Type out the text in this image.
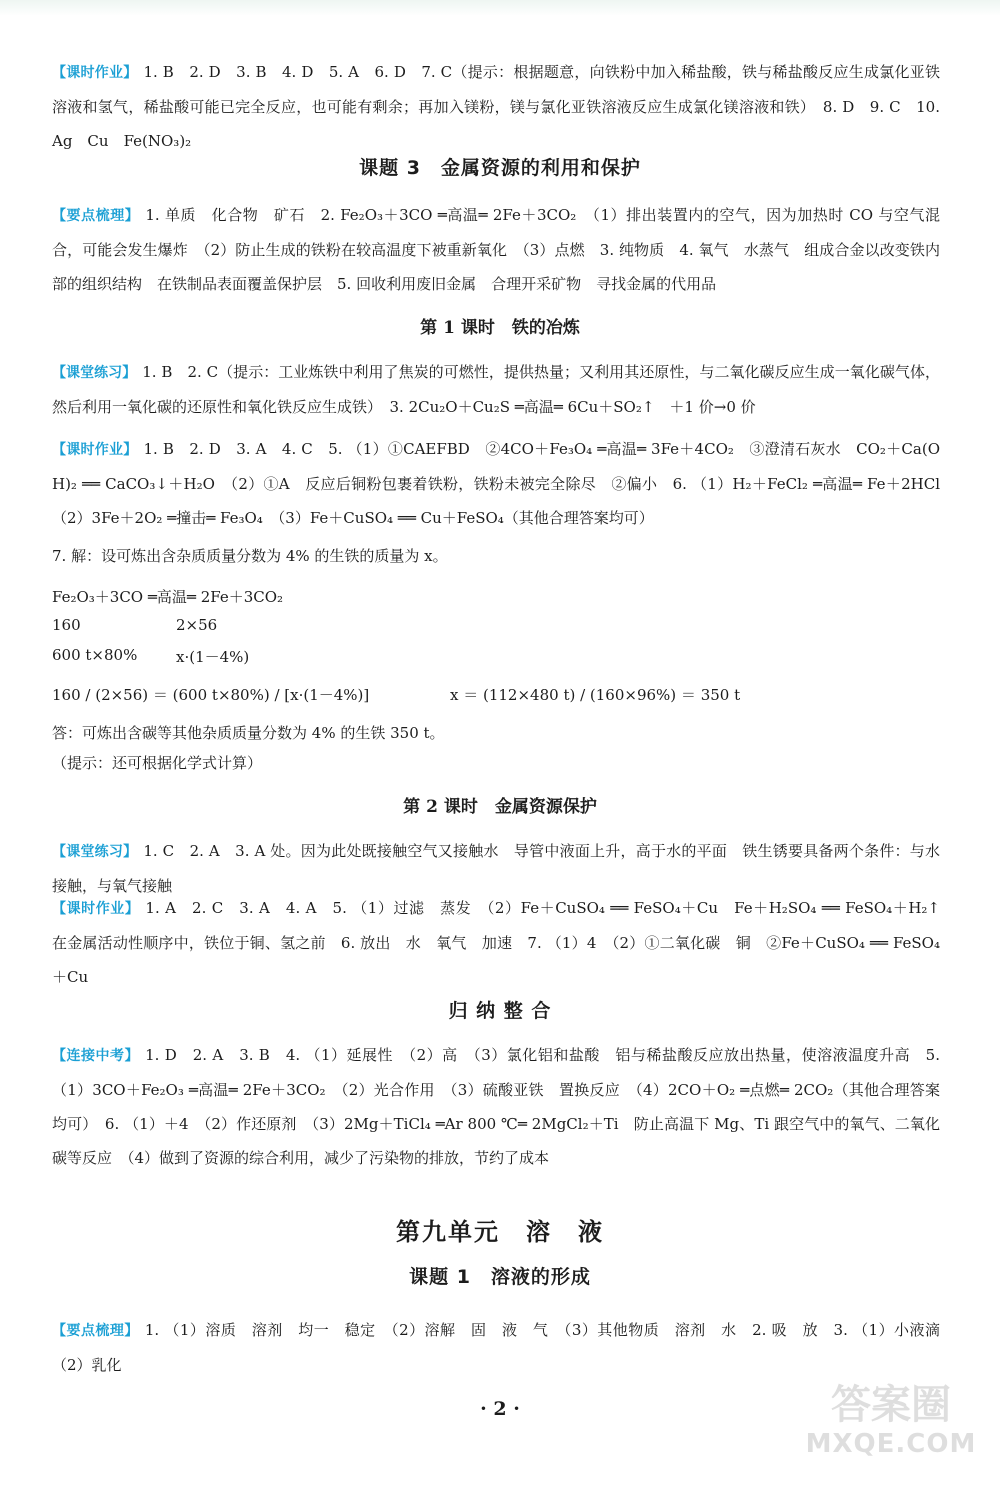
【课时作业】 1. B　2. D　3. B　4. D　5. A　6. D　7. C（提示：根据题意，向铁粉中加入稀盐酸，铁与稀盐酸反应生成氯化亚铁溶液和氢气，稀盐酸可能已完全反应，也可能有剩余；再加入镁粉，镁与氯化亚铁溶液反应生成氯化镁溶液和铁）　8. D　9. C　10. Ag　Cu　Fe(NO₃)₂

课题 3　金属资源的利用和保护

【要点梳理】 1. 单质　化合物　矿石　2. Fe₂O₃＋3CO ═高温═ 2Fe＋3CO₂　（1）排出装置内的空气，因为加热时 CO 与空气混合，可能会发生爆炸　（2）防止生成的铁粉在较高温度下被重新氧化　（3）点燃　3. 纯物质　4. 氧气　水蒸气　组成合金以改变铁内部的组织结构　在铁制品表面覆盖保护层　5. 回收利用废旧金属　合理开采矿物　寻找金属的代用品

第 1 课时　铁的冶炼

【课堂练习】 1. B　2. C（提示：工业炼铁中利用了焦炭的可燃性，提供热量；又利用其还原性，与二氧化碳反应生成一氧化碳气体，然后利用一氧化碳的还原性和氧化铁反应生成铁）　3. 2Cu₂O＋Cu₂S ═高温═ 6Cu＋SO₂↑　＋1 价→0 价

【课时作业】 1. B　2. D　3. A　4. C　5. （1）①CAEFBD　②4CO＋Fe₃O₄ ═高温═ 3Fe＋4CO₂　③澄清石灰水　CO₂＋Ca(OH)₂ ══ CaCO₃↓＋H₂O　（2）①A　反应后铜粉包裹着铁粉，铁粉未被完全除尽　②偏小　6. （1）H₂＋FeCl₂ ═高温═ Fe＋2HCl　（2）3Fe＋2O₂ ═撞击═ Fe₃O₄　（3）Fe＋CuSO₄ ══ Cu＋FeSO₄（其他合理答案均可）

7. 解：设可炼出含杂质质量分数为 4% 的生铁的质量为 x。

Fe₂O₃＋3CO ═高温═ 2Fe＋3CO₂

160	2×56

600 t×80%	x·(1－4%)

160 / (2×56) ＝ (600 t×80%) / [x·(1－4%)]	x ＝ (112×480 t) / (160×96%) ＝ 350 t

答：可炼出含碳等其他杂质质量分数为 4% 的生铁 350 t。

（提示：还可根据化学式计算）

第 2 课时　金属资源保护

【课堂练习】 1. C　2. A　3. A 处。因为此处既接触空气又接触水　导管中液面上升，高于水的平面　铁生锈要具备两个条件：与水接触，与氧气接触

【课时作业】 1. A　2. C　3. A　4. A　5. （1）过滤　蒸发　（2）Fe＋CuSO₄ ══ FeSO₄＋Cu　Fe＋H₂SO₄ ══ FeSO₄＋H₂↑　在金属活动性顺序中，铁位于铜、氢之前　6. 放出　水　氧气　加速　7. （1）4　（2）①二氧化碳　铜　②Fe＋CuSO₄ ══ FeSO₄＋Cu

归 纳 整 合

【连接中考】 1. D　2. A　3. B　4. （1）延展性　（2）高　（3）氯化铝和盐酸　铝与稀盐酸反应放出热量，使溶液温度升高　5. （1）3CO＋Fe₂O₃ ═高温═ 2Fe＋3CO₂　（2）光合作用　（3）硫酸亚铁　置换反应　（4）2CO＋O₂ ═点燃═ 2CO₂（其他合理答案均可）　6. （1）＋4　（2）作还原剂　（3）2Mg＋TiCl₄ ═Ar 800 ℃═ 2MgCl₂＋Ti　防止高温下 Mg、Ti 跟空气中的氧气、二氧化碳等反应　（4）做到了资源的综合利用，减少了污染物的排放，节约了成本

第九单元　溶　液
课题 1　溶液的形成

【要点梳理】 1. （1）溶质　溶剂　均一　稳定　（2）溶解　固　液　气　（3）其他物质　溶剂　水　2. 吸　放　3. （1）小液滴　（2）乳化

· 2 ·	答案圈
MXQE.COM
